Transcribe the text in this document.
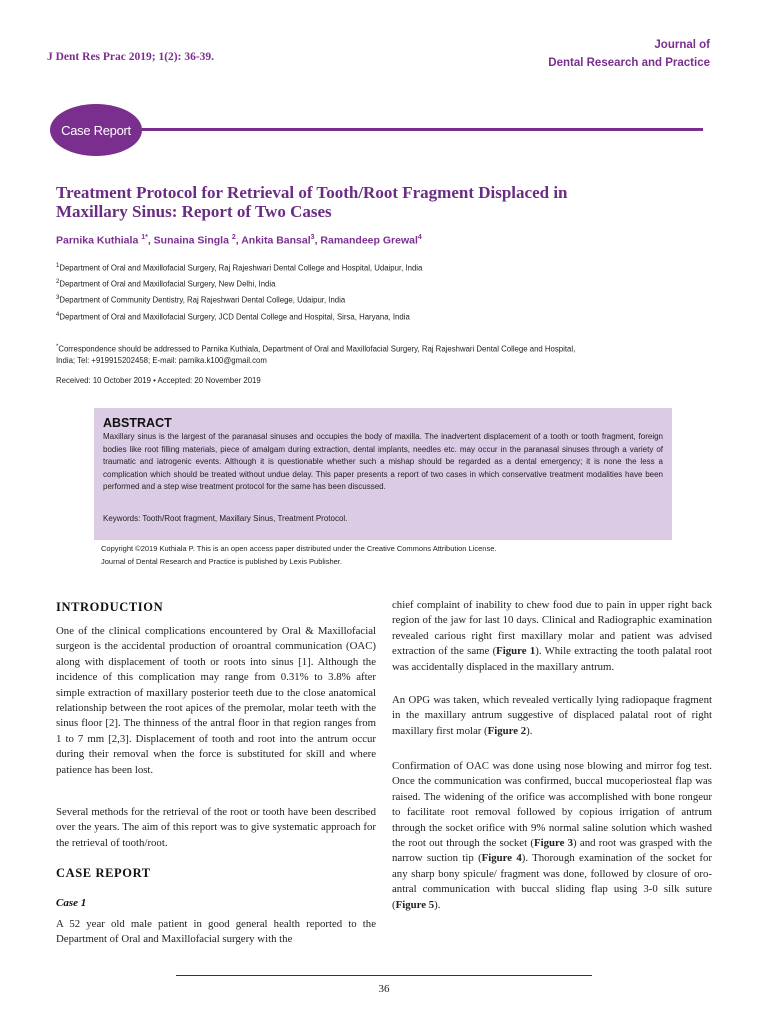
J Dent Res Prac 2019; 1(2): 36-39.
Journal of
Dental Research and Practice
Case Report
Treatment Protocol for Retrieval of Tooth/Root Fragment Displaced in
Maxillary Sinus: Report of Two Cases
Parnika Kuthiala $^{1*}$, Sunaina Singla $^2$, Ankita Bansal$^3$, Ramandeep Grewal$^4$
$^1$Department of Oral and Maxillofacial Surgery, Raj Rajeshwari Dental College and Hospital, Udaipur, India
$^2$Department of Oral and Maxillofacial Surgery, New Delhi, India
$^3$Department of Community Dentistry, Raj Rajeshwari Dental College, Udaipur, India
$^4$Department of Oral and Maxillofacial Surgery, JCD Dental College and Hospital, Sirsa, Haryana, India
*Correspondence should be addressed to Parnika Kuthiala, Department of Oral and Maxillofacial Surgery, Raj Rajeshwari Dental College and Hospital,
India; Tel: +919915202458; E-mail: parnika.k100@gmail.com
Received: 10 October 2019 • Accepted: 20 November 2019
ABSTRACT
Maxillary sinus is the largest of the paranasal sinuses and occupies the body of maxilla. The inadvertent displacement of a tooth or tooth fragment, foreign bodies like root filling materials, piece of amalgam during extraction, dental implants, needles etc. may occur in the paranasal sinuses through a variety of traumatic and iatrogenic events. Although it is questionable whether such a mishap should be regarded as a dental emergency; it is none the less a complication which should be treated without undue delay. This paper presents a report of two cases in which conservative treatment modalities have been performed and a step wise treatment protocol for the same has been discussed.
Keywords: Tooth/Root fragment, Maxillary Sinus, Treatment Protocol.
Copyright ©2019 Kuthiala P. This is an open access paper distributed under the Creative Commons Attribution License.
Journal of Dental Research and Practice is published by Lexis Publisher.
INTRODUCTION
One of the clinical complications encountered by Oral & Maxillofacial surgeon is the accidental production of oroantral communication (OAC) along with displacement of tooth or roots into sinus [1]. Although the incidence of this complication may range from 0.31% to 3.8% after simple extraction of maxillary posterior teeth due to the close anatomical relationship between the root apices of the premolar, molar teeth with the sinus floor [2]. The thinness of the antral floor in that region ranges from 1 to 7 mm [2,3]. Displacement of tooth and root into the antrum occur during their removal when the force is substituted for skill and where patience has been lost.
Several methods for the retrieval of the root or tooth have been described over the years. The aim of this report was to give systematic approach for the retrieval of tooth/root.
CASE REPORT
Case 1
A 52 year old male patient in good general health reported to the Department of Oral and Maxillofacial surgery with the
chief complaint of inability to chew food due to pain in upper right back region of the jaw for last 10 days. Clinical and Radiographic examination revealed carious right first maxillary molar and patient was advised extraction of the same (Figure 1). While extracting the tooth palatal root was accidentally displaced in the maxillary antrum.
An OPG was taken, which revealed vertically lying radiopaque fragment in the maxillary antrum suggestive of displaced palatal root of right maxillary first molar (Figure 2).
Confirmation of OAC was done using nose blowing and mirror fog test. Once the communication was confirmed, buccal mucoperiosteal flap was raised. The widening of the orifice was accomplished with bone rongeur to facilitate root removal followed by copious irrigation of antrum through the socket orifice with 9% normal saline solution which washed the root out through the socket (Figure 3) and root was grasped with the narrow suction tip (Figure 4). Thorough examination of the socket for any sharp bony spicule/ fragment was done, followed by closure of oro-antral communication with buccal sliding flap using 3-0 silk suture (Figure 5).
36
